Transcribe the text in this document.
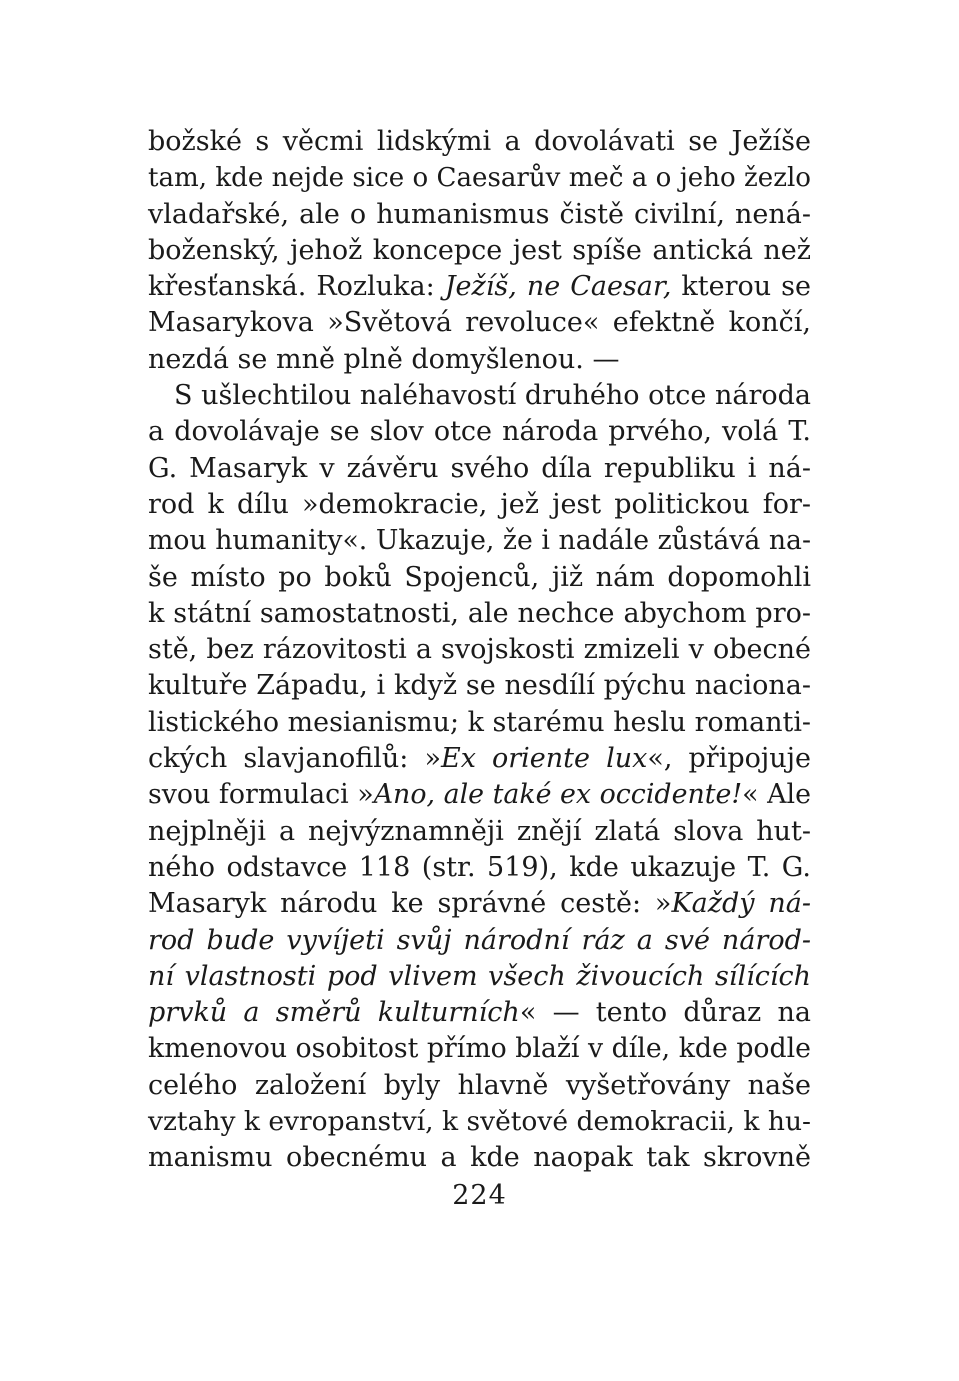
božské s věcmi lidskými a dovolávati se Ježíše
tam, kde nejde sice o Caesarův meč a o jeho žezlo
vladařské, ale o humanismus čistě civilní, nená-
boženský, jehož koncepce jest spíše antická než
křesťanská. Rozluka: Ježíš, ne Caesar, kterou se
Masarykova »Světová revoluce« efektně končí,
nezdá se mně plně domyšlenou. —
S ušlechtilou naléhavostí druhého otce národa
a dovolávaje se slov otce národa prvého, volá T.
G. Masaryk v závěru svého díla republiku i ná-
rod k dílu »demokracie, jež jest politickou for-
mou humanity«. Ukazuje, že i nadále zůstává na-
še místo po boků Spojenců, již nám dopomohli
k státní samostatnosti, ale nechce abychom pro-
stě, bez rázovitosti a svojskosti zmizeli v obecné
kultuře Západu, i když se nesdílí pýchu naciona-
listického mesianismu; k starému heslu romanti-
ckých slavjanofilů: »Ex oriente lux«, připojuje
svou formulaci »Ano, ale také ex occidente!« Ale
nejplněji a nejvýznamněji znějí zlatá slova hut-
ného odstavce 118 (str. 519), kde ukazuje T. G.
Masaryk národu ke správné cestě: »Každý ná-
rod bude vyvíjeti svůj národní ráz a své národ-
ní vlastnosti pod vlivem všech živoucích sílících
prvků a směrů kulturních« — tento důraz na
kmenovou osobitost přímo blaží v díle, kde podle
celého založení byly hlavně vyšetřovány naše
vztahy k evropanství, k světové demokracii, k hu-
manismu obecnému a kde naopak tak skrovně
224
